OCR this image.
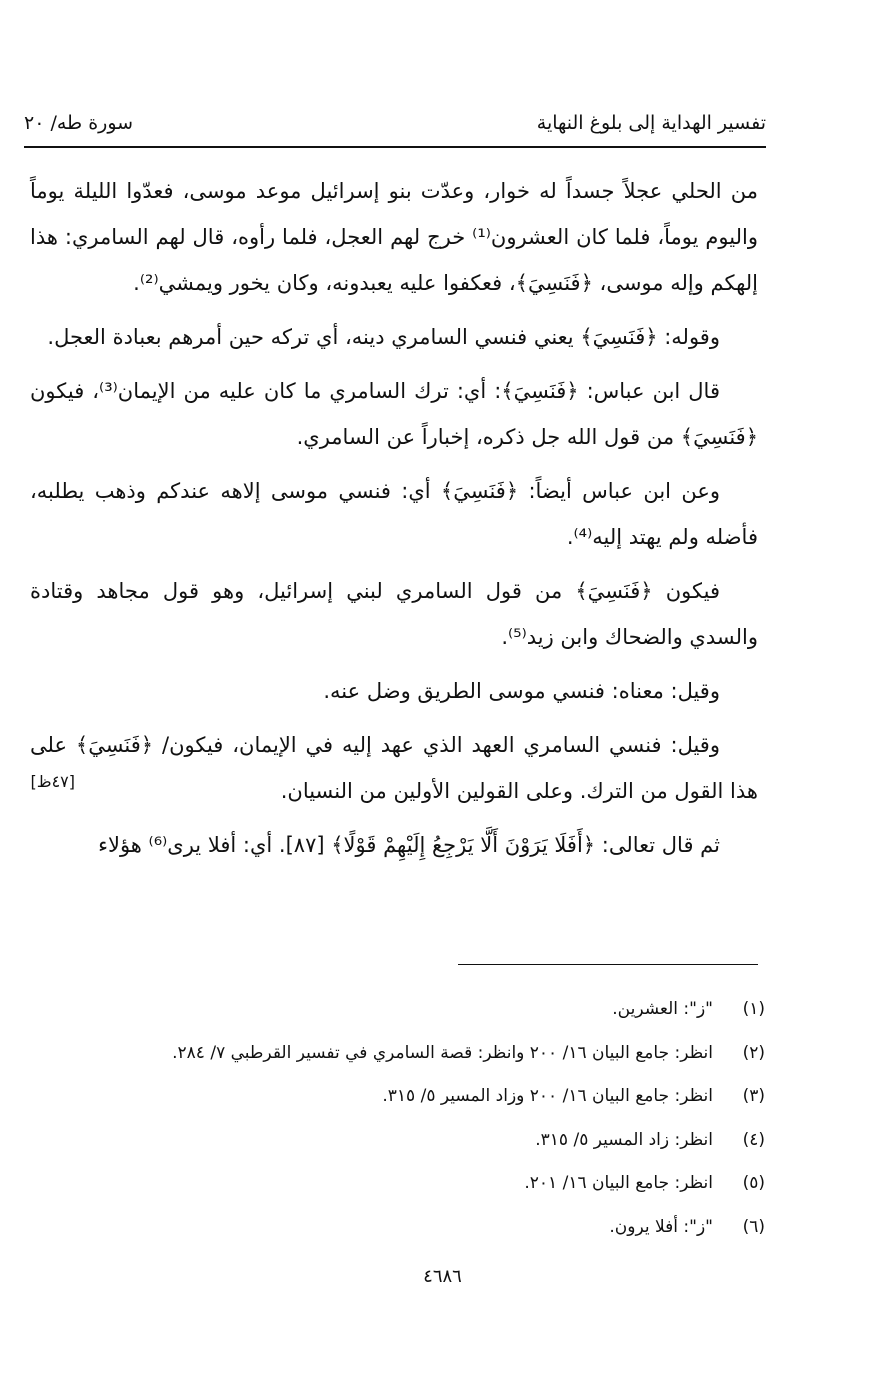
تفسير الهداية إلى بلوغ النهاية
سورة طه/ ٢٠
[٤٧ظ]

من الحلي عجلاً جسداً له خوار، وعدّت بنو إسرائيل موعد موسى، فعدّوا الليلة يوماً واليوم يوماً، فلما كان العشرون⁽¹⁾ خرج لهم العجل، فلما رأوه، قال لهم السامري: هذا إلهكم وإله موسى، ﴿فَنَسِيَ﴾، فعكفوا عليه يعبدونه، وكان يخور ويمشي⁽²⁾.

وقوله: ﴿فَنَسِيَ﴾ يعني فنسي السامري دينه، أي تركه حين أمرهم بعبادة العجل.

قال ابن عباس: ﴿فَنَسِيَ﴾: أي: ترك السامري ما كان عليه من الإيمان⁽³⁾، فيكون ﴿فَنَسِيَ﴾ من قول الله جل ذكره، إخباراً عن السامري.

وعن ابن عباس أيضاً: ﴿فَنَسِيَ﴾ أي: فنسي موسى إلاهه عندكم وذهب يطلبه، فأضله ولم يهتد إليه⁽⁴⁾.

فيكون ﴿فَنَسِيَ﴾ من قول السامري لبني إسرائيل، وهو قول مجاهد وقتادة والسدي والضحاك وابن زيد⁽⁵⁾.

وقيل: معناه: فنسي موسى الطريق وضل عنه.

وقيل: فنسي السامري العهد الذي عهد إليه في الإيمان، فيكون/ ﴿فَنَسِيَ﴾ على هذا القول من الترك. وعلى القولين الأولين من النسيان.

ثم قال تعالى: ﴿أَفَلَا يَرَوْنَ أَلَّا يَرْجِعُ إِلَيْهِمْ قَوْلًا﴾ [٨٧]. أي: أفلا يرى⁽⁶⁾ هؤلاء

(١)
"ز": العشرين.
(٢)
انظر: جامع البيان ١٦/ ٢٠٠ وانظر: قصة السامري في تفسير القرطبي ٧/ ٢٨٤.
(٣)
انظر: جامع البيان ١٦/ ٢٠٠ وزاد المسير ٥/ ٣١٥.
(٤)
انظر: زاد المسير ٥/ ٣١٥.
(٥)
انظر: جامع البيان ١٦/ ٢٠١.
(٦)
"ز": أفلا يرون.
٤٦٨٦
